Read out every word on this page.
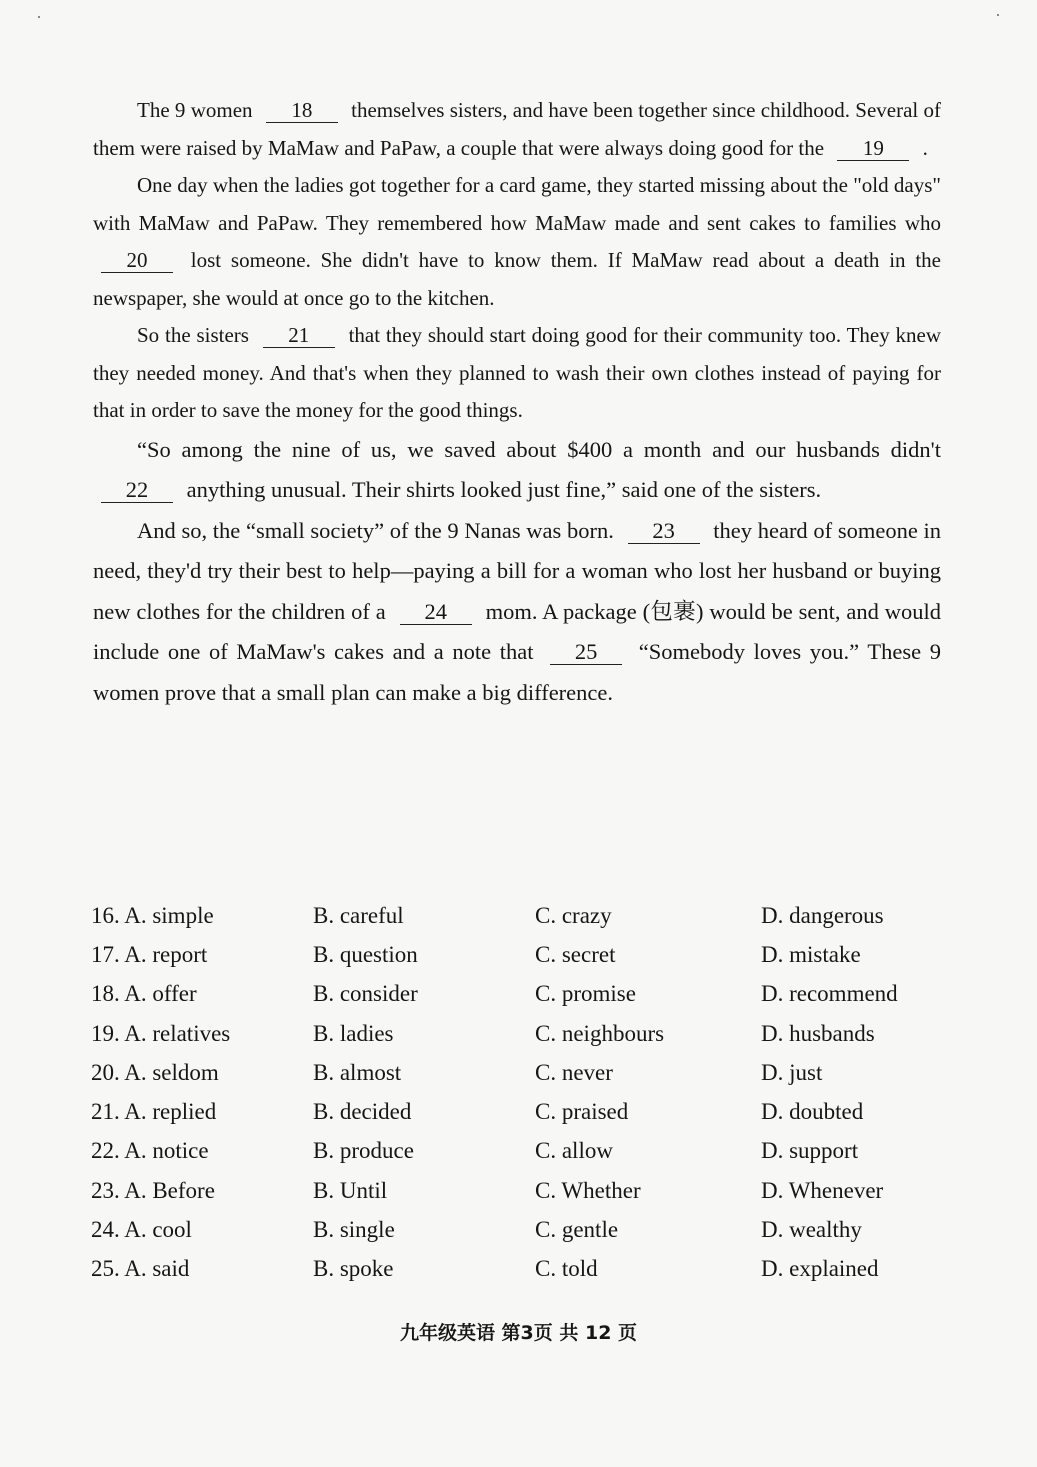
The 9 women 18 themselves sisters, and have been together since childhood. Several of them were raised by MaMaw and PaPaw, a couple that were always doing good for the 19 .

One day when the ladies got together for a card game, they started missing about the "old days" with MaMaw and PaPaw. They remembered how MaMaw made and sent cakes to families who 20 lost someone. She didn't have to know them. If MaMaw read about a death in the newspaper, she would at once go to the kitchen.

So the sisters 21 that they should start doing good for their community too. They knew they needed money. And that's when they planned to wash their own clothes instead of paying for that in order to save the money for the good things.

“So among the nine of us, we saved about $400 a month and our husbands didn't 22 anything unusual. Their shirts looked just fine,” said one of the sisters.

And so, the “small society” of the 9 Nanas was born. 23 they heard of someone in need, they'd try their best to help—paying a bill for a woman who lost her husband or buying new clothes for the children of a 24 mom. A package (包裹) would be sent, and would include one of MaMaw's cakes and a note that 25 “Somebody loves you.” These 9 women prove that a small plan can make a big difference.

16. A. simple	B. careful	C. crazy	D. dangerous
17. A. report	B. question	C. secret	D. mistake
18. A. offer	B. consider	C. promise	D. recommend
19. A. relatives	B. ladies	C. neighbours	D. husbands
20. A. seldom	B. almost	C. never	D. just
21. A. replied	B. decided	C. praised	D. doubted
22. A. notice	B. produce	C. allow	D. support
23. A. Before	B. Until	C. Whether	D. Whenever
24. A. cool	B. single	C. gentle	D. wealthy
25. A. said	B. spoke	C. told	D. explained
九年级英语 第3页 共 12 页
